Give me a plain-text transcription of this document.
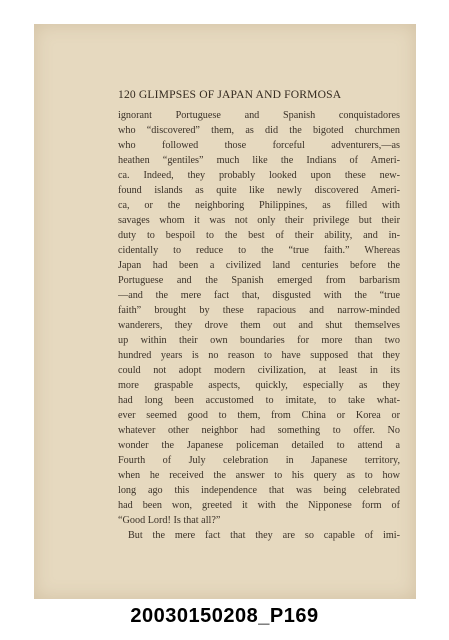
120 GLIMPSES OF JAPAN AND FORMOSA
ignorant Portuguese and Spanish conquistadores
who “discovered” them, as did the bigoted churchmen
who followed those forceful adventurers,—as
heathen “gentiles” much like the Indians of Ameri-
ca. Indeed, they probably looked upon these new-
found islands as quite like newly discovered Ameri-
ca, or the neighboring Philippines, as filled with
savages whom it was not only their privilege but their
duty to bespoil to the best of their ability, and in-
cidentally to reduce to the “true faith.” Whereas
Japan had been a civilized land centuries before the
Portuguese and the Spanish emerged from barbarism
—and the mere fact that, disgusted with the “true
faith” brought by these rapacious and narrow-minded
wanderers, they drove them out and shut themselves
up within their own boundaries for more than two
hundred years is no reason to have supposed that they
could not adopt modern civilization, at least in its
more graspable aspects, quickly, especially as they
had long been accustomed to imitate, to take what-
ever seemed good to them, from China or Korea or
whatever other neighbor had something to offer. No
wonder the Japanese policeman detailed to attend a
Fourth of July celebration in Japanese territory,
when he received the answer to his query as to how
long ago this independence that was being celebrated
had been won, greeted it with the Nipponese form of
“Good Lord! Is that all?”
But the mere fact that they are so capable of imi-
20030150208_P169
